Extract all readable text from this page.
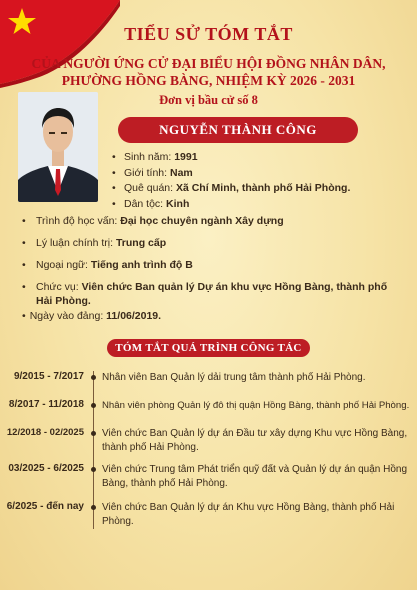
TIỂU SỬ TÓM TẮT
CỦA NGƯỜI ỨNG CỬ ĐẠI BIỂU HỘI ĐỒNG NHÂN DÂN,
PHƯỜNG HỒNG BÀNG, NHIỆM KỲ 2026 - 2031
Đơn vị bầu cử số 8
NGUYỄN THÀNH CÔNG
• Sinh năm: 1991
• Giới tính: Nam
• Quê quán: Xã Chí Minh, thành phố Hải Phòng.
• Dân tộc: Kinh
• Trình độ học vấn: Đại học chuyên ngành Xây dựng
• Lý luận chính trị: Trung cấp
• Ngoại ngữ: Tiếng anh trình độ B
• Chức vụ: Viên chức Ban quản lý Dự án khu vực Hồng Bàng, thành phố Hải Phòng.
• Ngày vào đảng: 11/06/2019.
TÓM TẮT QUÁ TRÌNH CÔNG TÁC
9/2015 - 7/2017 Nhân viên Ban Quản lý dải trung tâm thành phố Hải Phòng.
8/2017 - 11/2018 Nhân viên phòng Quản lý đô thị quận Hồng Bàng, thành phố Hải Phòng.
12/2018 - 02/2025 Viên chức Ban Quản lý dự án Đầu tư xây dựng Khu vực Hồng Bàng, thành phố Hải Phòng.
03/2025 - 6/2025 Viên chức Trung tâm Phát triển quỹ đất và Quản lý dự án quận Hồng Bàng, thành phố Hải Phòng.
6/2025 - đến nay Viên chức Ban Quản lý dự án Khu vực Hồng Bàng, thành phố Hải Phòng.
